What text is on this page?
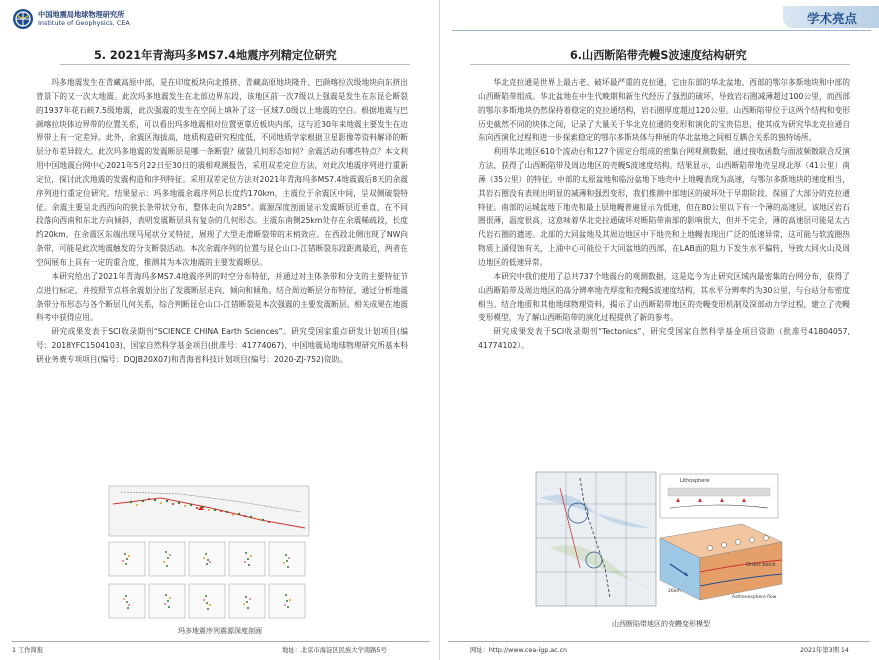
中国地震局地球物理研究所
Institute of Geophysics, CEA
5. 2021年青海玛多MS7.4地震序列精定位研究

玛多地震发生在青藏高原中部，是在印度板块向北推挤、青藏高原地块隆升、巴颜喀拉次级地块向东挤出背景下的又一次大地震。此次玛多地震发生在北部边界东段，该地区前一次7级以上强震是发生在东昆仑断裂的1937年花石峡7.5级地震，此次强震的发生在空间上填补了这一区域7.0级以上地震的空白。根据地震与巴颜喀拉块体边界带的位置关系，可以看出玛多地震相对位置更靠近板块内部，这与近30年来地震主要发生在边界带上有一定差异。此外，余震区海拔高，地质构造研究程度低，不同地质学家根据卫星影像等资料解译的断层分布差异较大。此次玛多地震的发震断层是哪一条断裂？破裂几何形态如何？余震活动有哪些特点？本文利用中国地震台网中心2021年5月22日至30日的震相观测报告，采用双差定位方法，对此次地震序列进行重新定位，探讨此次地震的发震构造和序列特征。采用双差定位方法对2021年青海玛多MS7.4地震震后8天的余震序列进行重定位研究。结果显示：玛多地震余震序列总长度约170km，主震位于余震区中间，呈双侧破裂特征。余震主要呈北西西向的狭长条带状分布，整体走向为285°。震源深度剖面显示发震断层近垂直，在不同段落向西南和东北方向倾斜，表明发震断层具有复杂的几何形态。主震东南侧25km处存在余震稀疏段，长度约20km。在余震区东端出现马尾状分叉特征，展现了大型走滑断裂带的末梢效应。在西段北侧出现了NW向条带，可能是此次地震触发的分支断裂活动。本次余震序列的位置与昆仑山口-江错断裂东段距离最近，两者在空间展布上具有一定的重合度，推测其为本次地震的主要发震断层。

本研究给出了2021年青海玛多MS7.4地震序列的时空分布特征，并通过对主体条带和分支的主要特征节点进行标定，并按照节点将余震划分出了发震断层走向、倾向和倾角。结合周边断层分布特征，通过分析地震条带分布形态与各个断层几何关系，综合判断昆仑山口-江错断裂是本次强震的主要发震断层。相关成果在地震科考中获得应用。

研究成果发表于SCI收录期刊“SCIENCE CHINA Earth Sciences”。研究受国家重点研发计划项目(编号：2018YFC1504103)、国家自然科学基金项目(批准号：41774067)、中国地震局地球物理研究所基本科研业务费专项项目(编号：DQJB20X07)和青海省科技计划项目(编号：2020-ZJ-752)资助。

玛多地震序列震源深度剖面
1 工作简报	地址：北京市海淀区民族大学南路5号
学术亮点
6.山西断陷带壳幔S波速度结构研究

华北克拉通是世界上最古老、破坏最严重的克拉通，它由东部的华北盆地、西部的鄂尔多斯地块和中部的山西断陷带组成。华北盆地在中生代晚期和新生代经历了强烈的破坏，导致岩石圈减薄超过100公里，而西部的鄂尔多斯地块仍然保持着稳定的克拉通结构，岩石圈厚度超过120公里。山西断陷带位于这两个结构和变形历史截然不同的块体之间，记录了大量关于华北克拉通的变形和演化的宝贵信息，使其成为研究华北克拉通自东向西演化过程和进一步探索稳定的鄂尔多斯块体与伸展的华北盆地之间相互耦合关系的独特场所。

利用华北地区610个流动台和127个固定台组成的密集台网观测数据，通过接收函数与面波频散联合反演方法，获得了山西断陷带及周边地区的壳幔S波速度结构。结果显示，山西断陷带地壳呈现北厚（41公里）南薄（35公里）的特征。中部的太原盆地和临汾盆地下地壳中上地幔表现为高速，与鄂尔多斯地块的速度相当，其岩石圈没有表现出明显的减薄和强烈变形，我们推测中部地区的破坏处于早期阶段，保留了大部分的克拉通特征。南部的运城盆地下地壳和最上层地幔普遍显示为低速，但在80公里以下有一个薄的高速层，该地区岩石圈很薄，温度很高，这意味着华北克拉通破坏对断陷带南部的影响很大，但并不完全，薄的高速层可能是太古代岩石圈的遗迹。北部的大同盆地及其周边地区中下地壳和上地幔表现出广泛的低速异常，这可能与软流圈热物质上涌侵蚀有关，上涌中心可能位于大同盆地的西部，在LAB面的阻力下发生水平偏转，导致大同火山及周边地区的低速异常。

本研究中我们使用了总共737个地震台的观测数据，这是迄今为止研究区域内最密集的台网分布，获得了山西断陷带及周边地区的高分辨率地壳厚度和壳幔S波速度结构，其水平分辨率约为30公里，与台站分布密度相当。结合地质和其他地球物理资料，揭示了山西断陷带地区的壳幔变形机制及深部动力学过程，建立了壳幔变形模型，为了解山西断陷带的演化过程提供了新的参考。

研究成果发表于SCI收录期刊“Tectonics”，研究受国家自然科学基金项目资助（批准号41804057, 41774102）。

Lithosphere
Ordos block
Asthenosphere flow
26km
山西断陷带地区的壳幔变形模型
网址：http://www.cea-igp.ac.cn	2021年第3期 14
